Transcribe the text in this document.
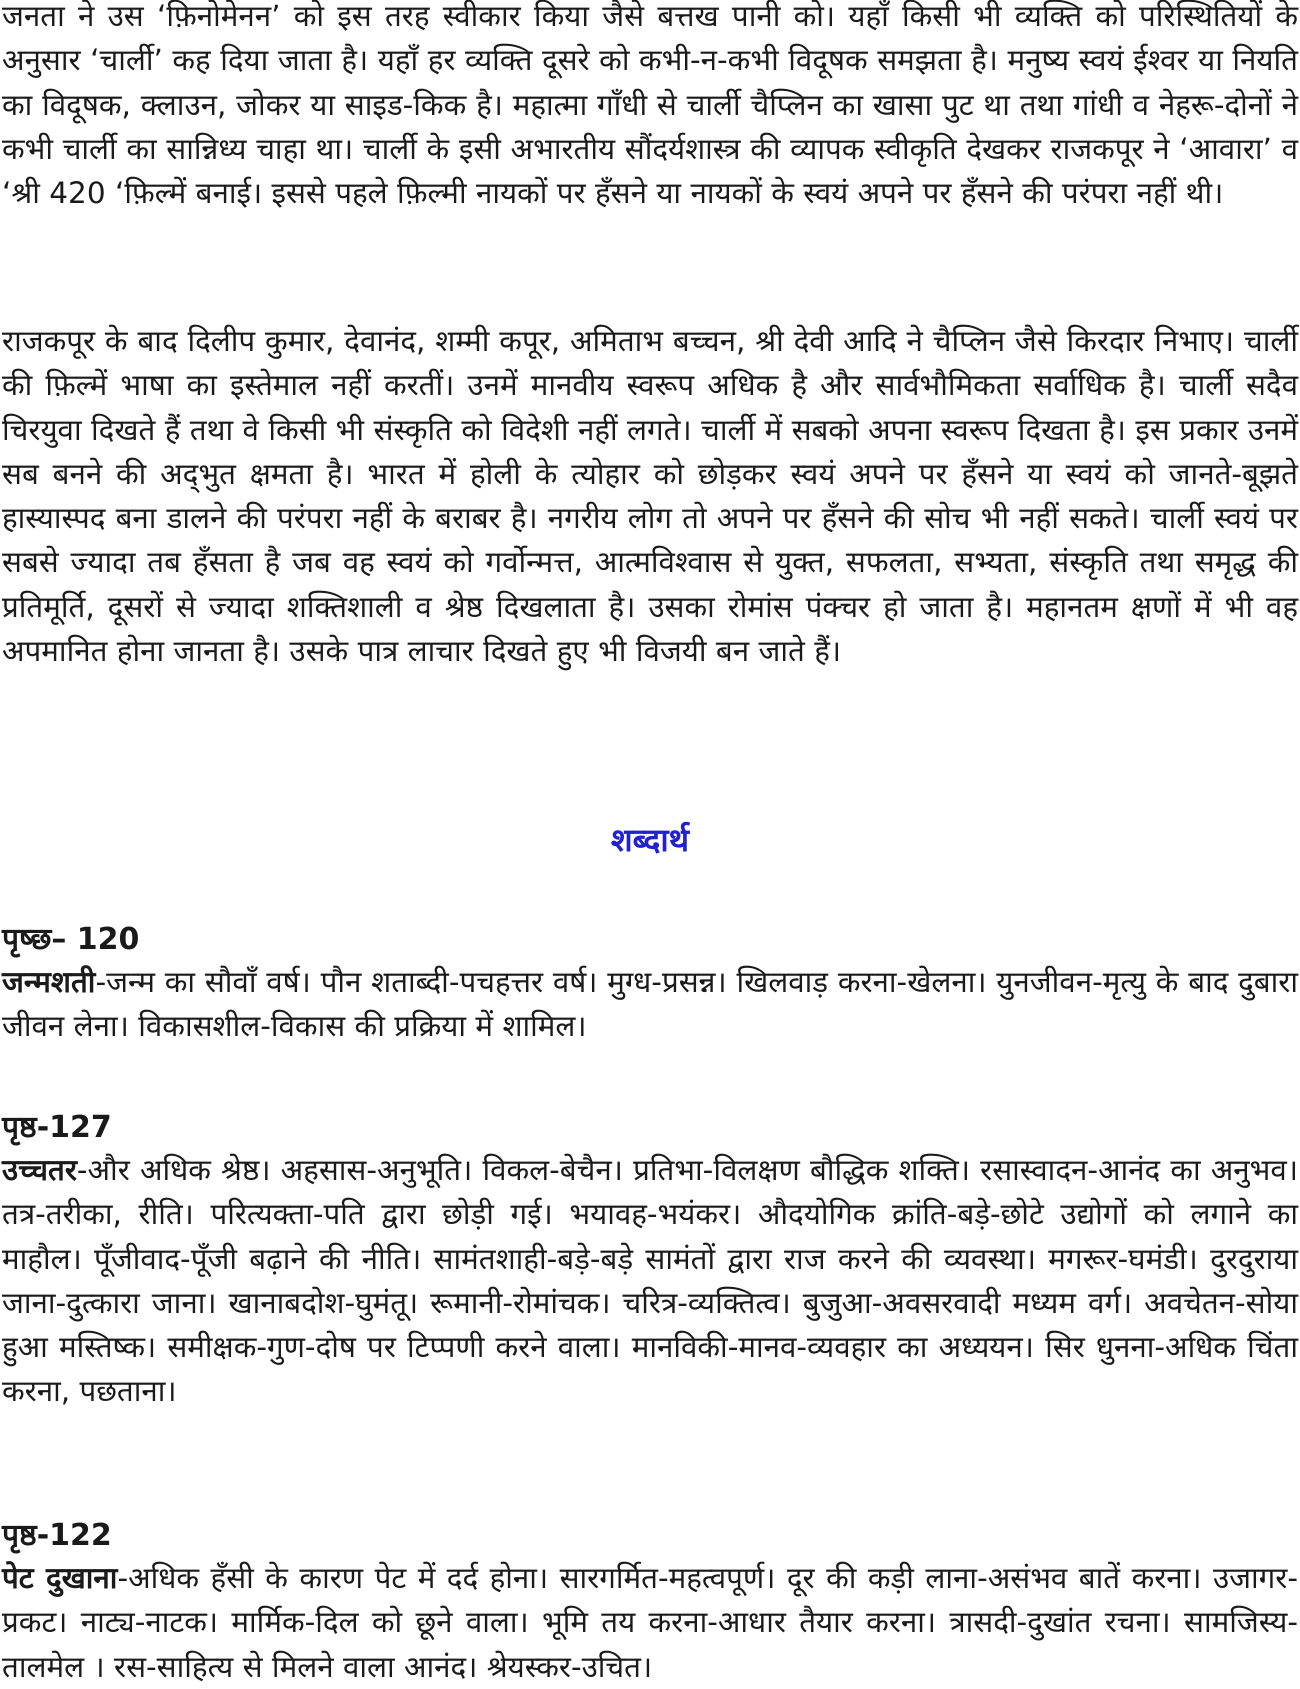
जनता ने उस ‘फ़िनोमेनन’ को इस तरह स्वीकार किया जैसे बत्तख पानी को। यहाँ किसी भी व्यक्ति को परिस्थितियों के अनुसार ‘चार्ली’ कह दिया जाता है। यहाँ हर व्यक्ति दूसरे को कभी-न-कभी विदूषक समझता है। मनुष्य स्वयं ईश्वर या नियति का विदूषक, क्लाउन, जोकर या साइड-किक है। महात्मा गाँधी से चार्ली चैप्लिन का खासा पुट था तथा गांधी व नेहरू-दोनों ने कभी चार्ली का सान्निध्य चाहा था। चार्ली के इसी अभारतीय सौंदर्यशास्त्र की व्यापक स्वीकृति देखकर राजकपूर ने ‘आवारा’ व ‘श्री 420 ‘फ़िल्में बनाई। इससे पहले फ़िल्मी नायकों पर हँसने या नायकों के स्वयं अपने पर हँसने की परंपरा नहीं थी।

राजकपूर के बाद दिलीप कुमार, देवानंद, शम्मी कपूर, अमिताभ बच्चन, श्री देवी आदि ने चैप्लिन जैसे किरदार निभाए। चार्ली की फ़िल्में भाषा का इस्तेमाल नहीं करतीं। उनमें मानवीय स्वरूप अधिक है और सार्वभौमिकता सर्वाधिक है। चार्ली सदैव चिरयुवा दिखते हैं तथा वे किसी भी संस्कृति को विदेशी नहीं लगते। चार्ली में सबको अपना स्वरूप दिखता है। इस प्रकार उनमें सब बनने की अद्‌भुत क्षमता है। भारत में होली के त्योहार को छोड़कर स्वयं अपने पर हँसने या स्वयं को जानते-बूझते हास्यास्पद बना डालने की परंपरा नहीं के बराबर है। नगरीय लोग तो अपने पर हँसने की सोच भी नहीं सकते। चार्ली स्वयं पर सबसे ज्यादा तब हँसता है जब वह स्वयं को गर्वोन्मत्त, आत्मविश्वास से युक्त, सफलता, सभ्यता, संस्कृति तथा समृद्ध की प्रतिमूर्ति, दूसरों से ज्यादा शक्तिशाली व श्रेष्ठ दिखलाता है। उसका रोमांस पंक्चर हो जाता है। महानतम क्षणों में भी वह अपमानित होना जानता है। उसके पात्र लाचार दिखते हुए भी विजयी बन जाते हैं।

शब्दार्थ

पृष्छ– 120

जन्मशती-जन्म का सौवाँ वर्ष। पौन शताब्दी-पचहत्तर वर्ष। मुग्ध-प्रसन्न। खिलवाड़ करना-खेलना। युनजीवन-मृत्यु के बाद दुबारा जीवन लेना। विकासशील-विकास की प्रक्रिया में शामिल।

पृष्ठ-127

उच्चतर-और अधिक श्रेष्ठ। अहसास-अनुभूति। विकल-बेचैन। प्रतिभा-विलक्षण बौद्धिक शक्ति। रसास्वादन-आनंद का अनुभव। तत्र-तरीका, रीति। परित्यक्ता-पति द्वारा छोड़ी गई। भयावह-भयंकर। औदयोगिक क्रांति-बड़े-छोटे उद्योगों को लगाने का माहौल। पूँजीवाद-पूँजी बढ़ाने की नीति। सामंतशाही-बड़े-बड़े सामंतों द्वारा राज करने की व्यवस्था। मगरूर-घमंडी। दुरदुराया जाना-दुत्कारा जाना। खानाबदोश-घुमंतू। रूमानी-रोमांचक। चरित्र-व्यक्तित्व। बुजुआ-अवसरवादी मध्यम वर्ग। अवचेतन-सोया हुआ मस्तिष्क। समीक्षक-गुण-दोष पर टिप्पणी करने वाला। मानविकी-मानव-व्यवहार का अध्ययन। सिर धुनना-अधिक चिंता करना, पछताना।

पृष्ठ-122

पेट दुखाना-अधिक हँसी के कारण पेट में दर्द होना। सारगर्मित-महत्वपूर्ण। दूर की कड़ी लाना-असंभव बातें करना। उजागर-प्रकट। नाट्य-नाटक। मार्मिक-दिल को छूने वाला। भूमि तय करना-आधार तैयार करना। त्रासदी-दुखांत रचना। सामजिस्य-तालमेल । रस-साहित्य से मिलने वाला आनंद। श्रेयस्कर-उचित।
